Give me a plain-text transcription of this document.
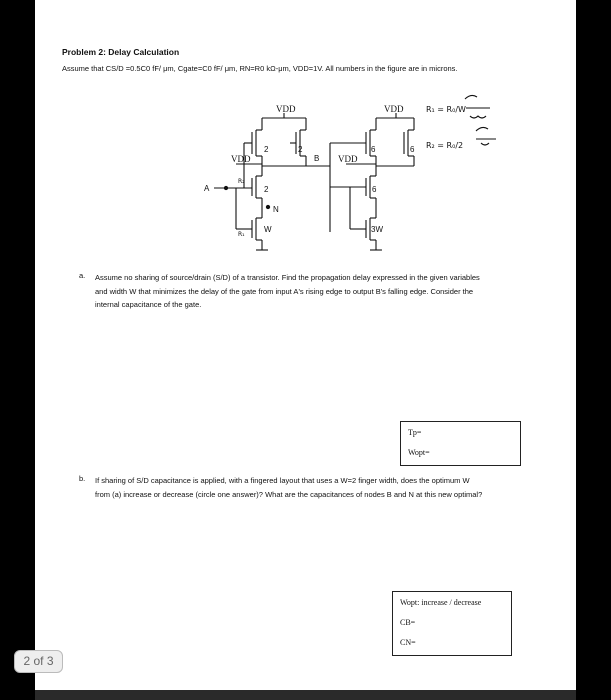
Problem 2: Delay Calculation
Assume that CS/D =0.5C0 fF/ μm, Cgate=C0 fF/ μm, RN=R0 kΩ-μm, VDD=1V. All numbers in the figure are in microns.
VDD	VDD
VDD	VDD
A
B
N
2	2
2
6	6
6
W	3W
R₁ = R₀/W
R₂ = R₀/2
R₂
R₁
a. Assume no sharing of source/drain (S/D) of a transistor. Find the propagation delay expressed in the given variables and width W that minimizes the delay of the gate from input A's rising edge to output B's falling edge. Consider the internal capacitance of the gate.
Tp=
Wopt=
b. If sharing of S/D capacitance is applied, with a fingered layout that uses a W=2 finger width, does the optimum W from (a) increase or decrease (circle one answer)? What are the capacitances of nodes B and N at this new optimal?
Wopt: increase / decrease
CB=
CN=
2 of 3
